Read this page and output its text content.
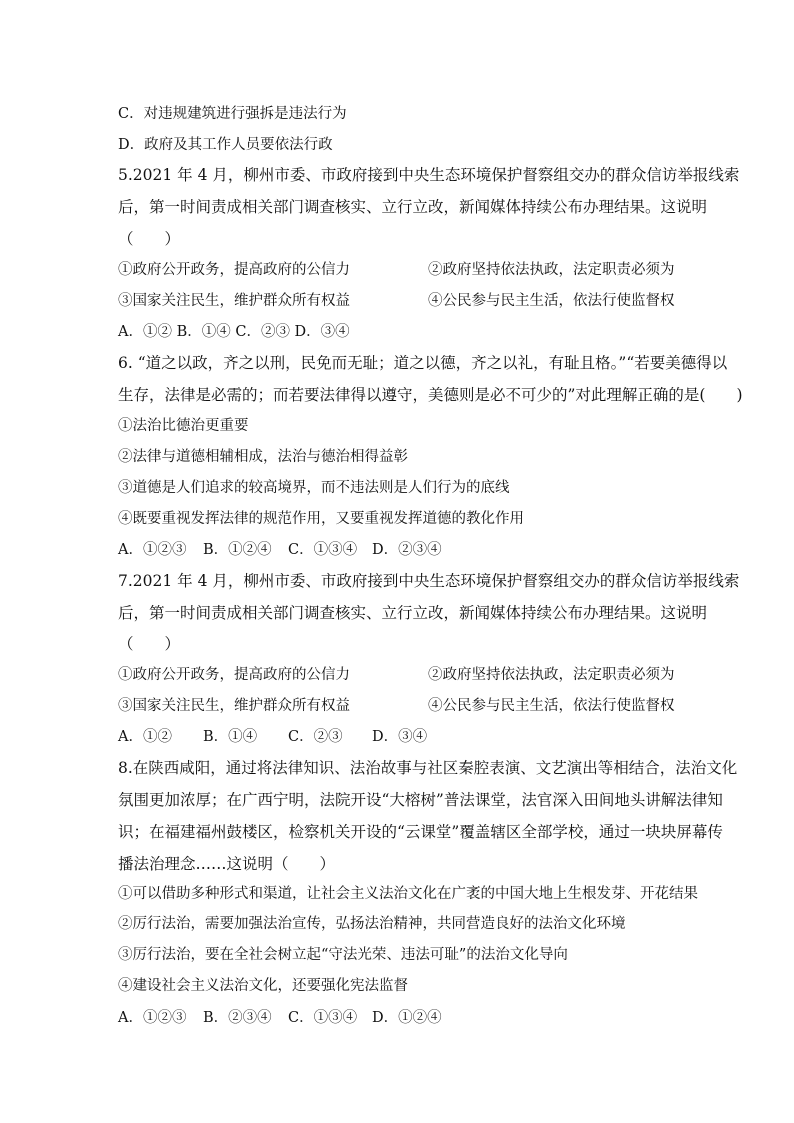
C．对违规建筑进行强拆是违法行为
D．政府及其工作人员要依法行政
5.2021 年 4 月，柳州市委、市政府接到中央生态环境保护督察组交办的群众信访举报线索
后，第一时间责成相关部门调查核实、立行立改，新闻媒体持续公布办理结果。这说明
（　　）
①政府公开政务，提高政府的公信力	②政府坚持依法执政，法定职责必须为
③国家关注民生，维护群众所有权益	④公民参与民主生活，依法行使监督权
A．①② B．①④ C．②③ D．③④
6. “道之以政，齐之以刑，民免而无耻；道之以德，齐之以礼，有耻且格。”“若要美德得以
生存，法律是必需的；而若要法律得以遵守，美德则是必不可少的”对此理解正确的是(　　)
①法治比德治更重要
②法律与道德相辅相成，法治与德治相得益彰
③道德是人们追求的较高境界，而不违法则是人们行为的底线
④既要重视发挥法律的规范作用，又要重视发挥道德的教化作用
A．①②③ B．①②④ C．①③④ D．②③④
7.2021 年 4 月，柳州市委、市政府接到中央生态环境保护督察组交办的群众信访举报线索
后，第一时间责成相关部门调查核实、立行立改，新闻媒体持续公布办理结果。这说明
（　　）
①政府公开政务，提高政府的公信力	②政府坚持依法执政，法定职责必须为
③国家关注民生，维护群众所有权益	④公民参与民主生活，依法行使监督权
A．①② B．①④ C．②③ D．③④
8.在陕西咸阳，通过将法律知识、法治故事与社区秦腔表演、文艺演出等相结合，法治文化
氛围更加浓厚；在广西宁明，法院开设“大榕树”普法课堂，法官深入田间地头讲解法律知
识；在福建福州鼓楼区，检察机关开设的“云课堂”覆盖辖区全部学校，通过一块块屏幕传
播法治理念……这说明（　　）
①可以借助多种形式和渠道，让社会主义法治文化在广袤的中国大地上生根发芽、开花结果
②厉行法治，需要加强法治宣传，弘扬法治精神，共同营造良好的法治文化环境
③厉行法治，要在全社会树立起“守法光荣、违法可耻”的法治文化导向
④建设社会主义法治文化，还要强化宪法监督
A．①②③ B．②③④ C．①③④ D．①②④
